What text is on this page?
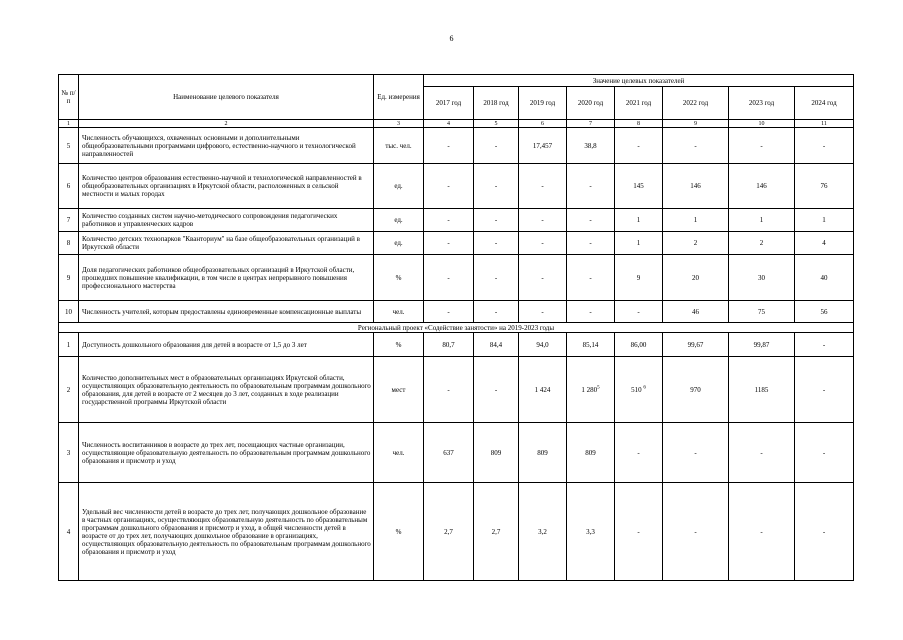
6
№ п/п	Наименование целевого показателя	Ед. измерения	Значение целевых показателей							
			2017 год	2018 год	2019 год	2020 год	2021 год	2022 год	2023 год	2024 год
1	2	3	4	5	6	7	8	9	10	11
5	Численность обучающихся, охваченных основными и дополнительными общеобразовательными программами цифрового, естественно-научного и технологической направленностей	тыс. чел.	-	-	17,457	38,8	-	-	-	-
6	Количество центров образования естественно-научной и технологической направленностей в общеобразовательных организациях в Иркутской области, расположенных в сельской местности и малых городах	ед.	-	-	-	-	145	146	146	76
7	Количество созданных систем научно-методического сопровождения педагогических работников и управленческих кадров	ед.	-	-	-	-	1	1	1	1
8	Количество детских технопарков "Кванториум" на базе общеобразовательных организаций в Иркутской области	ед.	-	-	-	-	1	2	2	4
9	Доля педагогических работников общеобразовательных организаций в Иркутской области, прошедших повышение квалификации, в том числе в центрах непрерывного повышения профессионального мастерства	%	-	-	-	-	9	20	30	40
10	Численность учителей, которым предоставлены единовременные компенсационные выплаты	чел.	-	-	-	-	-	46	75	56
Региональный проект «Содействие занятости» на 2019-2023 годы										
1	Доступность дошкольного образования для детей в возрасте от 1,5 до 3 лет	%	80,7	84,4	94,0	85,14	86,00	99,67	99,87	-
2	Количество дополнительных мест в образовательных организациях Иркутской области, осуществляющих образовательную деятельность по образовательным программам дошкольного образования, для детей в возрасте от 2 месяцев до 3 лет, созданных в ходе реализации государственной программы Иркутской области	мест	-	-	1 424	1 $280^5$	510 $^6$	970	1185	-
3	Численность воспитанников в возрасте до трех лет, посещающих частные организации, осуществляющие образовательную деятельность по образовательным программам дошкольного образования и присмотр и уход	чел.	637	809	809	809	-	-	-	-
4	Удельный вес численности детей в возрасте до трех лет, получающих дошкольное образование в частных организациях, осуществляющих образовательную деятельность по образовательным программам дошкольного образования и присмотр и уход, в общей численности детей в возрасте от до трех лет, получающих дошкольное образование в организациях, осуществляющих образовательную деятельность по образовательным программам дошкольного образования и присмотр и уход	%	2,7	2,7	3,2	3,3	-	-	-	-
